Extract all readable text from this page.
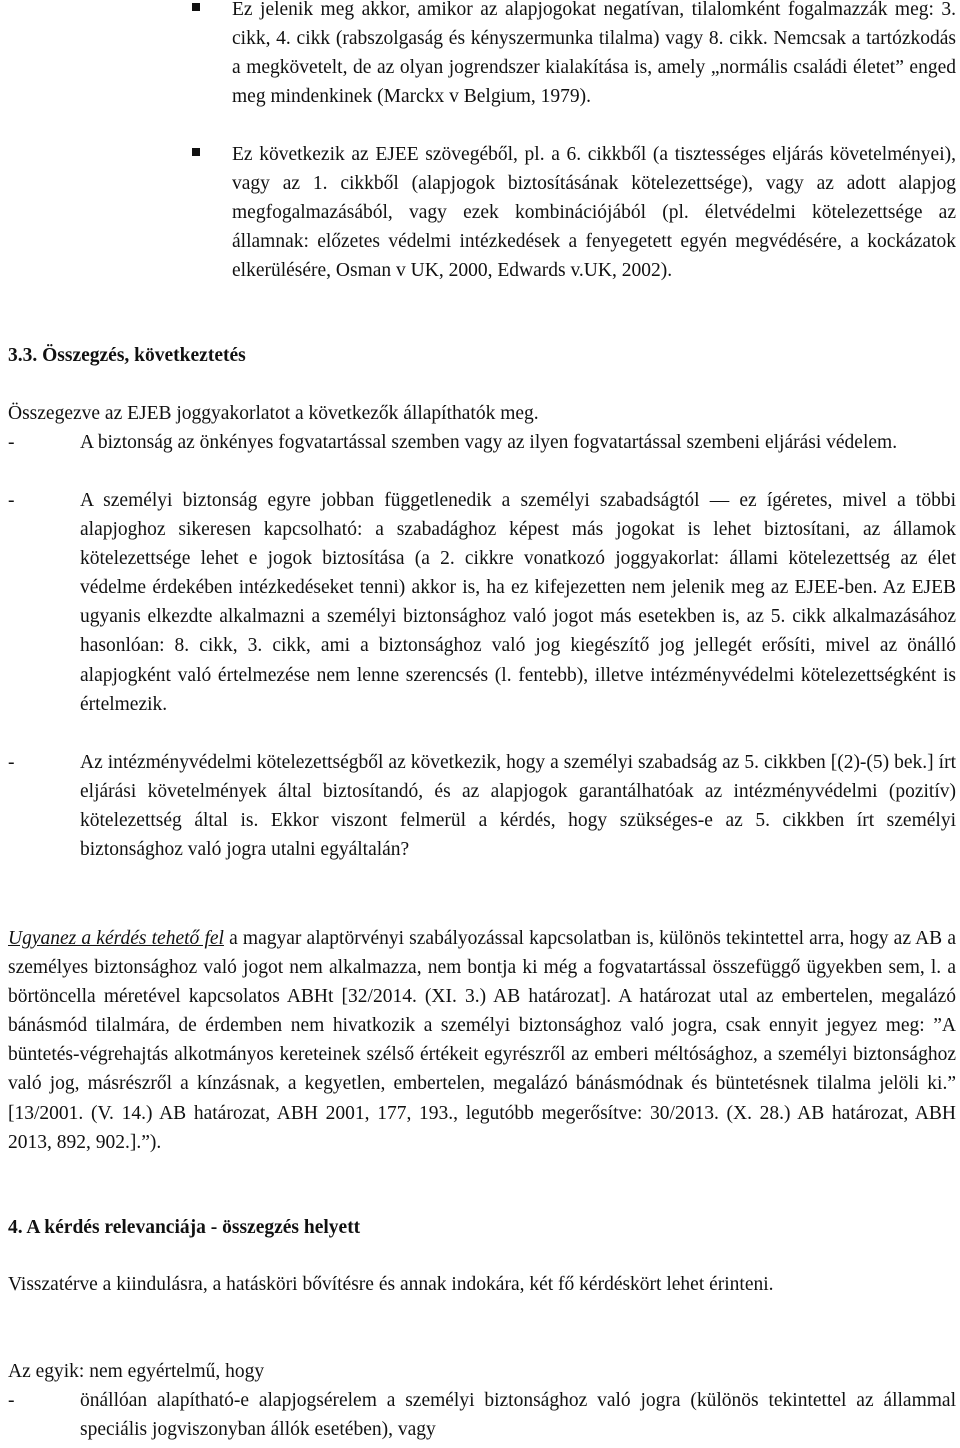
Ez jelenik meg akkor, amikor az alapjogokat negatívan, tilalomként fogalmazzák meg: 3. cikk, 4. cikk (rabszolgaság és kényszermunka tilalma) vagy 8. cikk. Nemcsak a tartózkodás a megkövetelt, de az olyan jogrendszer kialakítása is, amely „normális családi életet” enged meg mindenkinek (Marckx v Belgium, 1979).
Ez következik az EJEE szövegéből, pl. a 6. cikkből (a tisztességes eljárás követelményei), vagy az 1. cikkből (alapjogok biztosításának kötelezettsége), vagy az adott alapjog megfogalmazásából, vagy ezek kombinációjából (pl. életvédelmi kötelezettsége az államnak: előzetes védelmi intézkedések a fenyegetett egyén megvédésére, a kockázatok elkerülésére, Osman v UK, 2000, Edwards v.UK, 2002).
3.3. Összegzés, következtetés
Összegezve az EJEB joggyakorlatot a következők állapíthatók meg.
-	A biztonság az önkényes fogvatartással szemben vagy az ilyen fogvatartással szembeni eljárási védelem.
-	A személyi biztonság egyre jobban függetlenedik a személyi szabadságtól ― ez ígéretes, mivel a többi alapjoghoz sikeresen kapcsolható: a szabadághoz képest más jogokat is lehet biztosítani, az államok kötelezettsége lehet e jogok biztosítása (a 2. cikkre vonatkozó joggyakorlat: állami kötelezettség az élet védelme érdekében intézkedéseket tenni) akkor is, ha ez kifejezetten nem jelenik meg az EJEE-ben. Az EJEB ugyanis elkezdte alkalmazni a személyi biztonsághoz való jogot más esetekben is, az 5. cikk alkalmazásához hasonlóan: 8. cikk, 3. cikk, ami a biztonsághoz való jog kiegészítő jog jellegét erősíti, mivel az önálló alapjogként való értelmezése nem lenne szerencsés (l. fentebb), illetve intézményvédelmi kötelezettségként is értelmezik.
-	Az intézményvédelmi kötelezettségből az következik, hogy a személyi szabadság az 5. cikkben [(2)-(5) bek.] írt eljárási követelmények által biztosítandó, és az alapjogok garantálhatóak az intézményvédelmi (pozitív) kötelezettség által is. Ekkor viszont felmerül a kérdés, hogy szükséges-e az 5. cikkben írt személyi biztonsághoz való jogra utalni egyáltalán?
Ugyanez a kérdés tehető fel a magyar alaptörvényi szabályozással kapcsolatban is, különös tekintettel arra, hogy az AB a személyes biztonsághoz való jogot nem alkalmazza, nem bontja ki még a fogvatartással összefüggő ügyekben sem, l. a börtöncella méretével kapcsolatos ABHt [32/2014. (XI. 3.) AB határozat]. A határozat utal az embertelen, megalázó bánásmód tilalmára, de érdemben nem hivatkozik a személyi biztonsághoz való jogra, csak ennyit jegyez meg: ”A büntetés-végrehajtás alkotmányos kereteinek szélső értékeit egyrészről az emberi méltósághoz, a személyi biztonsághoz való jog, másrészről a kínzásnak, a kegyetlen, embertelen, megalázó bánásmódnak és büntetésnek tilalma jelöli ki.” [13/2001. (V. 14.) AB határozat, ABH 2001, 177, 193., legutóbb megerősítve: 30/2013. (X. 28.) AB határozat, ABH 2013, 892, 902.].”).
4. A kérdés relevanciája - összegzés helyett
Visszatérve a kiindulásra, a hatásköri bővítésre és annak indokára, két fő kérdéskört lehet érinteni.
Az egyik: nem egyértelmű, hogy
-	önállóan alapítható-e alapjogsérelem a személyi biztonsághoz való jogra (különös tekintettel az állammal speciális jogviszonyban állók esetében), vagy
